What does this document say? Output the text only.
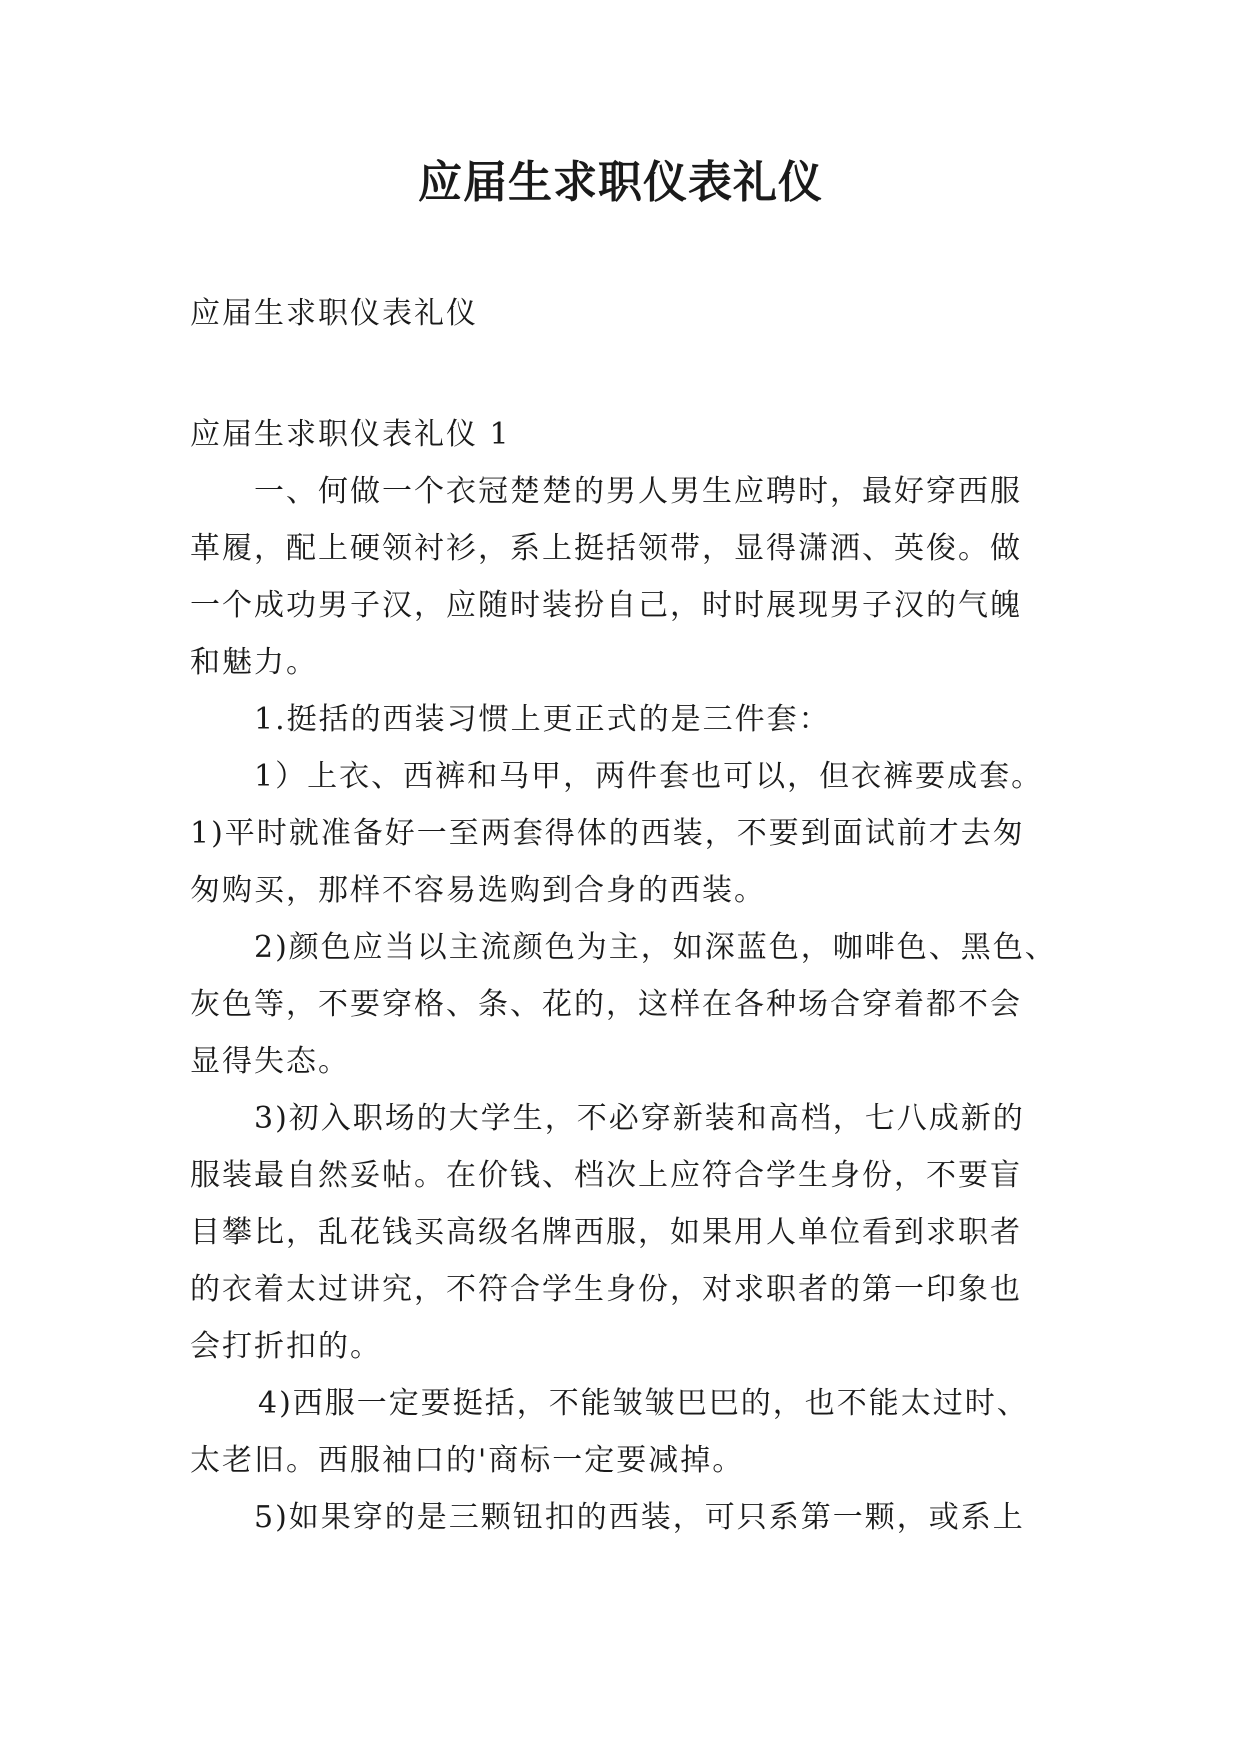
应届生求职仪表礼仪
应届生求职仪表礼仪
应届生求职仪表礼仪 1
一、何做一个衣冠楚楚的男人男生应聘时，最好穿西服
革履，配上硬领衬衫，系上挺括领带，显得潇洒、英俊。做
一个成功男子汉，应随时装扮自己，时时展现男子汉的气魄
和魅力。
1.挺括的西装习惯上更正式的是三件套：
1）上衣、西裤和马甲，两件套也可以，但衣裤要成套。
1)平时就准备好一至两套得体的西装，不要到面试前才去匆
匆购买，那样不容易选购到合身的西装。
2)颜色应当以主流颜色为主，如深蓝色，咖啡色、黑色、
灰色等，不要穿格、条、花的，这样在各种场合穿着都不会
显得失态。
3)初入职场的大学生，不必穿新装和高档，七八成新的
服装最自然妥帖。在价钱、档次上应符合学生身份，不要盲
目攀比，乱花钱买高级名牌西服，如果用人单位看到求职者
的衣着太过讲究，不符合学生身份，对求职者的第一印象也
会打折扣的。
4)西服一定要挺括，不能皱皱巴巴的，也不能太过时、
太老旧。西服袖口的'商标一定要减掉。
5)如果穿的是三颗钮扣的西装，可只系第一颗，或系上
